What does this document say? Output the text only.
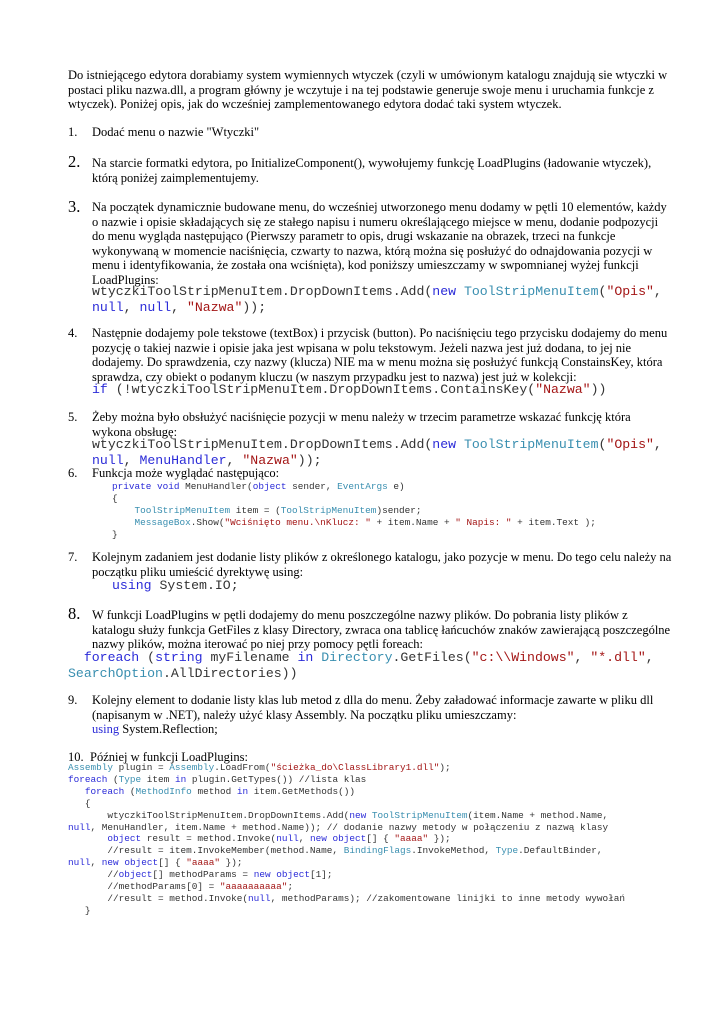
Do istniejącego edytora dorabiamy system wymiennych wtyczek (czyli w umówionym katalogu znajdują sie wtyczki w
postaci pliku nazwa.dll, a program główny je wczytuje i na tej podstawie generuje swoje menu i uruchamia funkcje z
wtyczek). Poniżej opis, jak do wcześniej zamplementowanego edytora dodać taki system wtyczek.
1. Dodać menu o nazwie "Wtyczki"
2. Na starcie formatki edytora, po InitializeComponent(), wywołujemy funkcję LoadPlugins (ładowanie wtyczek),
którą poniżej zaimplementujemy.
3. Na początek dynamicznie budowane menu, do wcześniej utworzonego menu dodamy w pętli 10 elementów, każdy
o nazwie i opisie składających się ze stałego napisu i numeru określającego miejsce w menu, dodanie podpozycji
do menu wygląda następująco (Pierwszy parametr to opis, drugi wskazanie na obrazek, trzeci na funkcje
wykonywaną w momencie naciśnięcia, czwarty to nazwa, którą można się posłużyć do odnajdowania pozycji w
menu i identyfikowania, że została ona wciśnięta), kod poniższy umieszczamy w swpomnianej wyżej funkcji
LoadPlugins:
wtyczkiToolStripMenuItem.DropDownItems.Add(new ToolStripMenuItem("Opis",
null, null, "Nazwa"));
4. Następnie dodajemy pole tekstowe (textBox) i przycisk (button). Po naciśnięciu tego przycisku dodajemy do menu
pozycję o takiej nazwie i opisie jaka jest wpisana w polu tekstowym. Jeżeli nazwa jest już dodana, to jej nie
dodajemy. Do sprawdzenia, czy nazwy (klucza) NIE ma w menu można się posłużyć funkcją ConstainsKey, która
sprawdza, czy obiekt o podanym kluczu (w naszym przypadku jest to nazwa) jest już w kolekcji:
if (!wtyczkiToolStripMenuItem.DropDownItems.ContainsKey("Nazwa"))
5. Żeby można było obsłużyć naciśnięcie pozycji w menu należy w trzecim parametrze wskazać funkcję która
wykona obsługę:
wtyczkiToolStripMenuItem.DropDownItems.Add(new ToolStripMenuItem("Opis",
null, MenuHandler, "Nazwa"));
6. Funkcja może wyglądać następująco:
private void MenuHandler(object sender, EventArgs e)
{
ToolStripMenuItem item = (ToolStripMenuItem)sender;
MessageBox.Show("Wciśnięto menu.\nKlucz: " + item.Name + " Napis: " + item.Text );
}
7. Kolejnym zadaniem jest dodanie listy plików z określonego katalogu, jako pozycje w menu. Do tego celu należy na
początku pliku umieścić dyrektywę using:
using System.IO;
8. W funkcji LoadPlugins w pętli dodajemy do menu poszczególne nazwy plików. Do pobrania listy plików z
katalogu służy funkcja GetFiles z klasy Directory, zwraca ona tablicę łańcuchów znaków zawierającą poszczególne
nazwy plików, można iterować po niej przy pomocy pętli foreach:
foreach (string myFilename in Directory.GetFiles("c:\\Windows", "*.dll",
SearchOption.AllDirectories))
9. Kolejny element to dodanie listy klas lub metod z dlla do menu. Żeby załadować informacje zawarte w pliku dll
(napisanym w .NET), należy użyć klasy Assembly. Na początku pliku umieszczamy:
using System.Reflection;
10. Później w funkcji LoadPlugins:
Assembly plugin = Assembly.LoadFrom("ścieżka_do\ClassLibrary1.dll");
foreach (Type item in plugin.GetTypes()) //lista klas
foreach (MethodInfo method in item.GetMethods())
{
wtyczkiToolStripMenuItem.DropDownItems.Add(new ToolStripMenuItem(item.Name + method.Name,
null, MenuHandler, item.Name + method.Name)); // dodanie nazwy metody w połączeniu z nazwą klasy
object result = method.Invoke(null, new object[] { "aaaa" });
//result = item.InvokeMember(method.Name, BindingFlags.InvokeMethod, Type.DefaultBinder,
null, new object[] { "aaaa" });
//object[] methodParams = new object[1];
//methodParams[0] = "aaaaaaaaaa";
//result = method.Invoke(null, methodParams); //zakomentowane linijki to inne metody wywołań
}
